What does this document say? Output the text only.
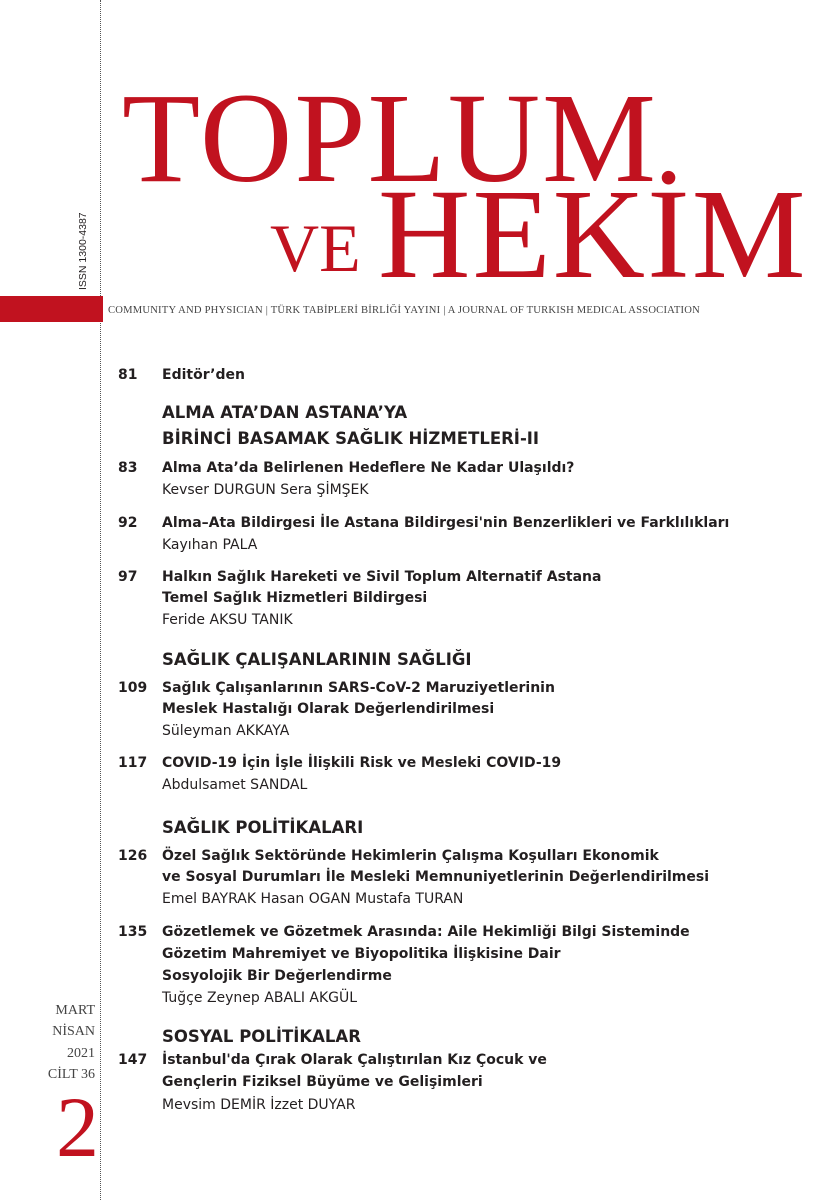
TOPLUM
VE HEKİM
ISSN 1300-4387
COMMUNITY AND PHYSICIAN | TÜRK TABİPLERİ BİRLİĞİ YAYINI | A JOURNAL OF TURKISH MEDICAL ASSOCIATION
81 Editör’den
ALMA ATA’DAN ASTANA’YA
BİRİNCİ BASAMAK SAĞLIK HİZMETLERİ-II
83 Alma Ata’da Belirlenen Hedeflere Ne Kadar Ulaşıldı?
Kevser DURGUN Sera ŞİMŞEK
92 Alma–Ata Bildirgesi İle Astana Bildirgesi'nin Benzerlikleri ve Farklılıkları
Kayıhan PALA
97 Halkın Sağlık Hareketi ve Sivil Toplum Alternatif Astana
Temel Sağlık Hizmetleri Bildirgesi
Feride AKSU TANIK
SAĞLIK ÇALIŞANLARININ SAĞLIĞI
109 Sağlık Çalışanlarının SARS-CoV-2 Maruziyetlerinin
Meslek Hastalığı Olarak Değerlendirilmesi
Süleyman AKKAYA
117 COVID-19 İçin İşle İlişkili Risk ve Mesleki COVID-19
Abdulsamet SANDAL
SAĞLIK POLİTİKALARI
126 Özel Sağlık Sektöründe Hekimlerin Çalışma Koşulları Ekonomik
ve Sosyal Durumları İle Mesleki Memnuniyetlerinin Değerlendirilmesi
Emel BAYRAK Hasan OGAN Mustafa TURAN
135 Gözetlemek ve Gözetmek Arasında: Aile Hekimliği Bilgi Sisteminde
Gözetim Mahremiyet ve Biyopolitika İlişkisine Dair
Sosyolojik Bir Değerlendirme
Tuğçe Zeynep ABALI AKGÜL
SOSYAL POLİTİKALAR
147 İstanbul'da Çırak Olarak Çalıştırılan Kız Çocuk ve
Gençlerin Fiziksel Büyüme ve Gelişimleri
Mevsim DEMİR İzzet DUYAR
MART
NİSAN
2021
CİLT 36
2
